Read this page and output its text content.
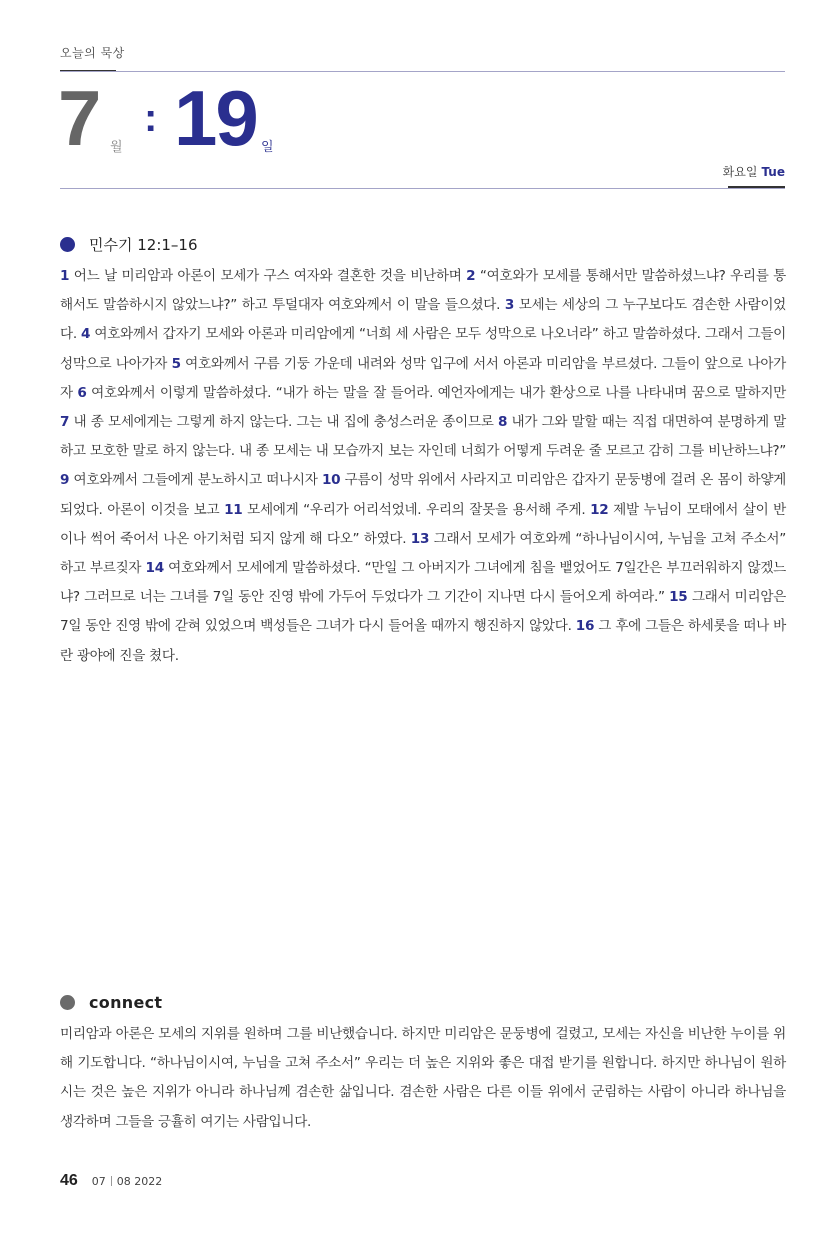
오늘의 묵상
7 월
: 19 일
화요일 Tue
민수기 12:1–16
1 어느 날 미리암과 아론이 모세가 구스 여자와 결혼한 것을 비난하며 2 “여호와가 모세를 통해서만 말씀하셨느냐? 우리를 통해서도 말씀하시지 않았느냐?” 하고 투덜대자 여호와께서 이 말을 들으셨다. 3 모세는 세상의 그 누구보다도 겸손한 사람이었다. 4 여호와께서 갑자기 모세와 아론과 미리암에게 “너희 세 사람은 모두 성막으로 나오너라” 하고 말씀하셨다. 그래서 그들이 성막으로 나아가자 5 여호와께서 구름 기둥 가운데 내려와 성막 입구에 서서 아론과 미리암을 부르셨다. 그들이 앞으로 나아가자 6 여호와께서 이렇게 말씀하셨다. “내가 하는 말을 잘 들어라. 예언자에게는 내가 환상으로 나를 나타내며 꿈으로 말하지만 7 내 종 모세에게는 그렇게 하지 않는다. 그는 내 집에 충성스러운 종이므로 8 내가 그와 말할 때는 직접 대면하여 분명하게 말하고 모호한 말로 하지 않는다. 내 종 모세는 내 모습까지 보는 자인데 너희가 어떻게 두려운 줄 모르고 감히 그를 비난하느냐?” 9 여호와께서 그들에게 분노하시고 떠나시자 10 구름이 성막 위에서 사라지고 미리암은 갑자기 문둥병에 걸려 온 몸이 하얗게 되었다. 아론이 이것을 보고 11 모세에게 “우리가 어리석었네. 우리의 잘못을 용서해 주게. 12 제발 누님이 모태에서 살이 반이나 썩어 죽어서 나온 아기처럼 되지 않게 해 다오” 하였다. 13 그래서 모세가 여호와께 “하나님이시여, 누님을 고쳐 주소서” 하고 부르짖자 14 여호와께서 모세에게 말씀하셨다. “만일 그 아버지가 그녀에게 침을 뱉었어도 7일간은 부끄러워하지 않겠느냐? 그러므로 너는 그녀를 7일 동안 진영 밖에 가두어 두었다가 그 기간이 지나면 다시 들어오게 하여라.” 15 그래서 미리암은 7일 동안 진영 밖에 갇혀 있었으며 백성들은 그녀가 다시 들어올 때까지 행진하지 않았다. 16 그 후에 그들은 하세롯을 떠나 바란 광야에 진을 쳤다.
connect
미리암과 아론은 모세의 지위를 원하며 그를 비난했습니다. 하지만 미리암은 문둥병에 걸렸고, 모세는 자신을 비난한 누이를 위해 기도합니다. “하나님이시여, 누님을 고쳐 주소서” 우리는 더 높은 지위와 좋은 대접 받기를 원합니다. 하지만 하나님이 원하시는 것은 높은 지위가 아니라 하나님께 겸손한 삶입니다. 겸손한 사람은 다른 이들 위에서 군림하는 사람이 아니라 하나님을 생각하며 그들을 긍휼히 여기는 사람입니다.
46 07 08 2022
